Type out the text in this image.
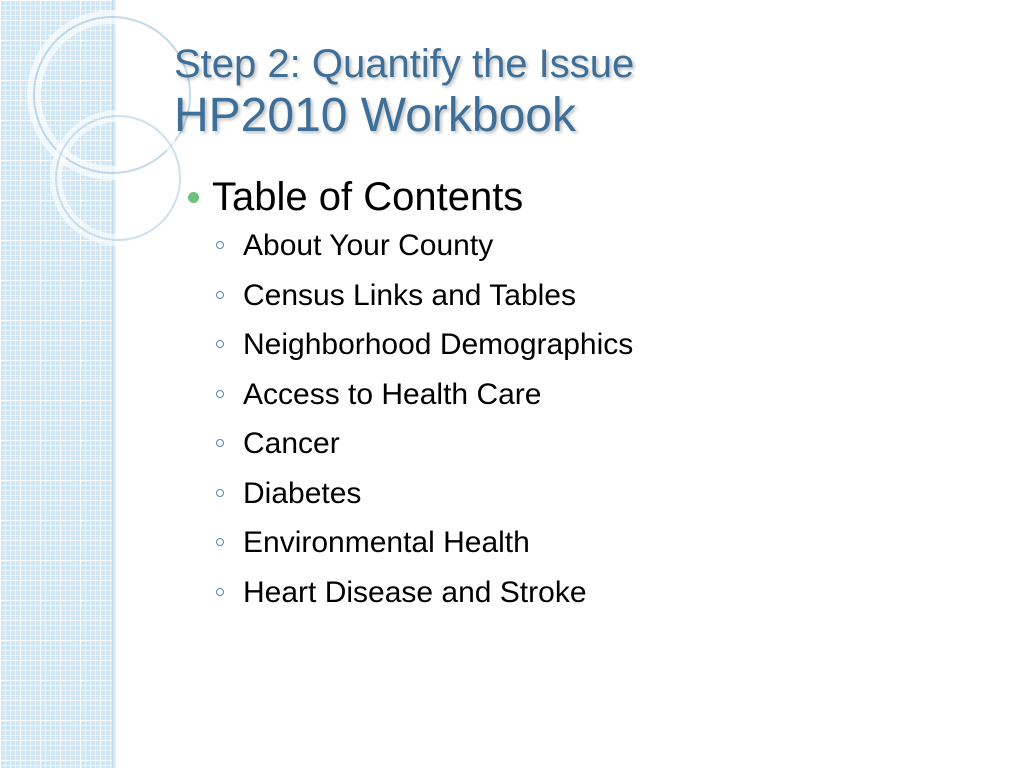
Step 2: Quantify the Issue
HP2010 Workbook
Table of Contents
About Your County
Census Links and Tables
Neighborhood Demographics
Access to Health Care
Cancer
Diabetes
Environmental Health
Heart Disease and Stroke
